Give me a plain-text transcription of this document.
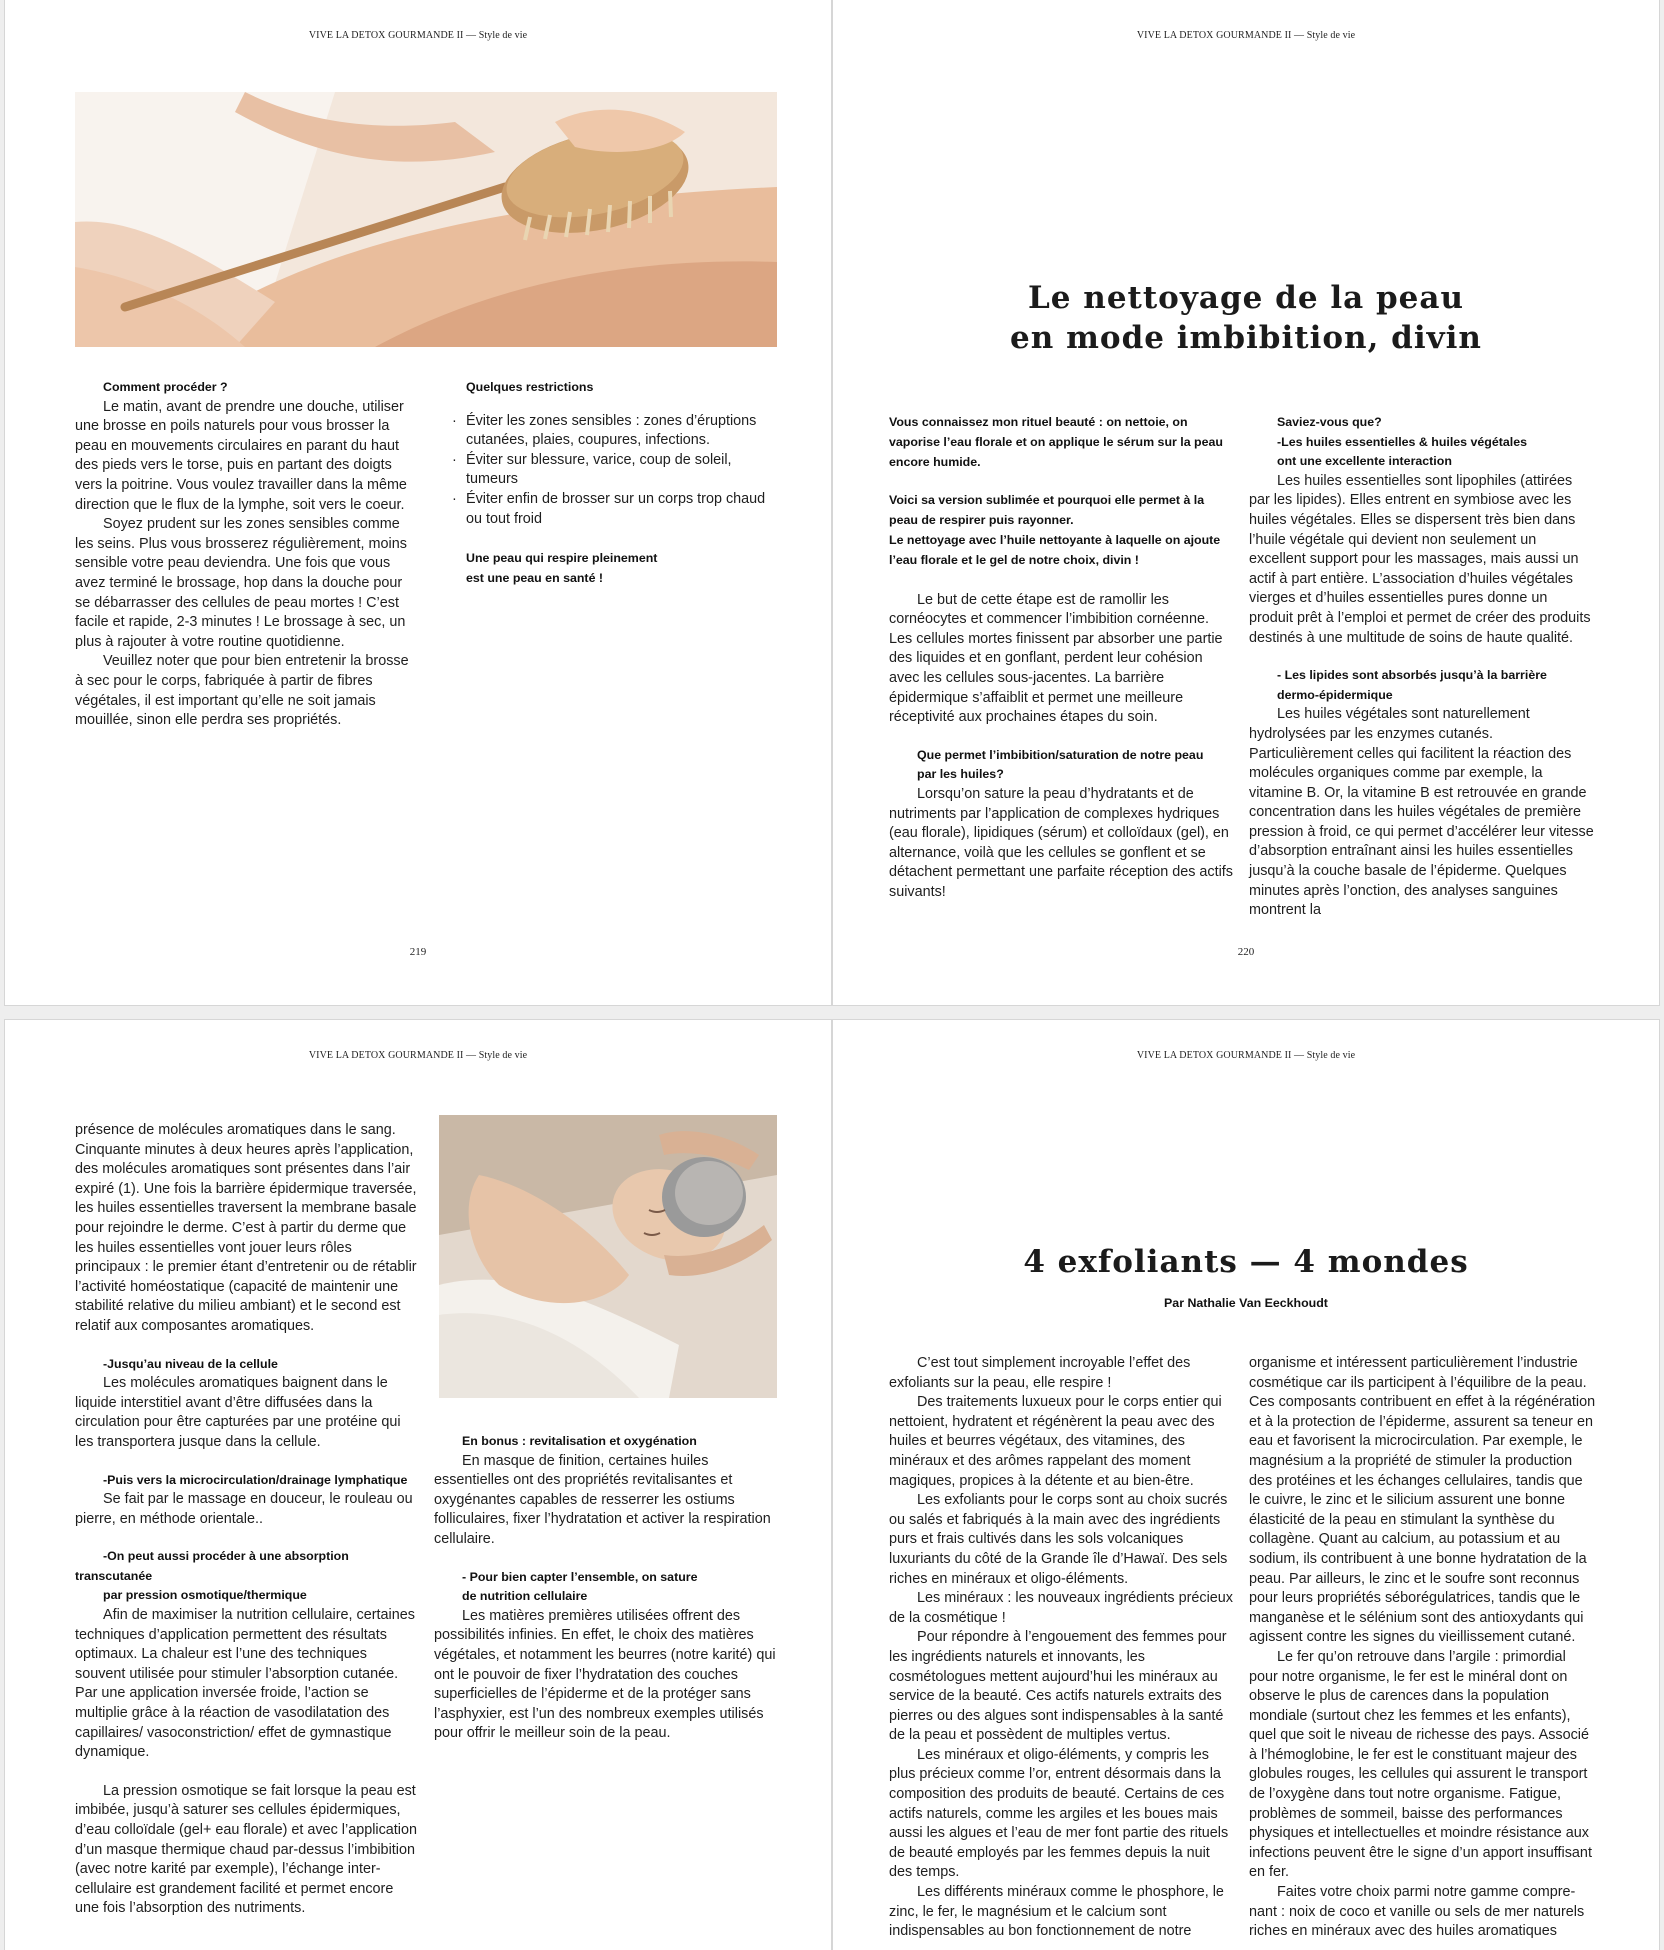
VIVE LA DETOX GOURMANDE II — Style de vie

Comment procéder ?

Le matin, avant de prendre une douche, utiliser une brosse en poils naturels pour vous brosser la peau en mouvements circulaires en parant du haut des pieds vers le torse, puis en partant des doigts vers la poitrine. Vous voulez travailler dans la même direction que le flux de la lymphe, soit vers le coeur.

Soyez prudent sur les zones sensibles comme les seins. Plus vous brosserez régulièrement, moins sensible votre peau deviendra. Une fois que vous avez terminé le brossage, hop dans la douche pour se débarrasser des cellules de peau mortes ! C’est facile et rapide, 2-3 minutes ! Le brossage à sec, un plus à rajouter à votre routine quotidienne.

Veuillez noter que pour bien entretenir la brosse à sec pour le corps, fabriquée à partir de fibres végétales, il est important qu’elle ne soit jamais mouillée, sinon elle perdra ses propriétés.

Quelques restrictions

· Éviter les zones sensibles : zones d’éruptions cutanées, plaies, coupures, infections.
· Éviter sur blessure, varice, coup de soleil, tumeurs
· Éviter enfin de brosser sur un corps trop chaud ou tout froid

Une peau qui respire pleinement

est une peau en santé !

219
VIVE LA DETOX GOURMANDE II — Style de vie
Le nettoyage de la peau
en mode imbibition, divin

Vous connaissez mon rituel beauté : on nettoie, on vaporise l’eau florale et on applique le sérum sur la peau encore humide.

Voici sa version sublimée et pourquoi elle permet à la peau de respirer puis rayonner.

Le nettoyage avec l’huile nettoyante à laquelle on ajoute l’eau florale et le gel de notre choix, divin !

Le but de cette étape est de ramollir les cornéocytes et commencer l’imbibition cornéenne. Les cellules mortes finissent par absorber une partie des liquides et en gonflant, perdent leur cohésion avec les cellules sous-jacentes. La barrière épidermique s’affaiblit et permet une meilleure réceptivité aux prochaines étapes du soin.

Que permet l’imbibition/saturation de notre peau

par les huiles?

Lorsqu’on sature la peau d’hydratants et de nutriments par l’application de complexes hydriques (eau florale), lipidiques (sérum) et colloïdaux (gel), en alternance, voilà que les cellules se gonflent et se détachent permettant une parfaite réception des actifs suivants!

Saviez-vous que?

-Les huiles essentielles & huiles végétales

ont une excellente interaction

Les huiles essentielles sont lipophiles (attirées par les lipides). Elles entrent en symbiose avec les huiles végétales. Elles se dispersent très bien dans l’huile végétale qui devient non seulement un excellent support pour les massages, mais aussi un actif à part entière. L’association d’huiles végétales vierges et d’huiles essentielles pures donne un produit prêt à l’emploi et permet de créer des produits destinés à une multitude de soins de haute qualité.

- Les lipides sont absorbés jusqu’à la barrière

dermo-épidermique

Les huiles végétales sont naturellement hydrolysées par les enzymes cutanés. Particulièrement celles qui facilitent la réaction des molécules organiques comme par exemple, la vitamine B. Or, la vitamine B est retrouvée en grande concentration dans les huiles végétales de première pression à froid, ce qui permet d’accélérer leur vitesse d’absorption entraînant ainsi les huiles essentielles jusqu’à la couche basale de l’épiderme. Quelques minutes après l’onction, des analyses sanguines montrent la

220
VIVE LA DETOX GOURMANDE II — Style de vie

présence de molécules aromatiques dans le sang. Cinquante minutes à deux heures après l’application, des molécules aromatiques sont présentes dans l’air expiré (1). Une fois la barrière épidermique traversée, les huiles essentielles traversent la membrane basale pour rejoindre le derme. C’est à partir du derme que les huiles essentielles vont jouer leurs rôles principaux : le premier étant d’entretenir ou de rétablir l’activité homéostatique (capacité de maintenir une stabilité relative du milieu ambiant) et le second est relatif aux composantes aromatiques.

-Jusqu’au niveau de la cellule

Les molécules aromatiques baignent dans le liquide interstitiel avant d’être diffusées dans la circulation pour être capturées par une protéine qui les transportera jusque dans la cellule.

-Puis vers la microcirculation/drainage lymphatique

Se fait par le massage en douceur, le rouleau ou pierre, en méthode orientale..

-On peut aussi procéder à une absorption transcutanée

par pression osmotique/thermique

Afin de maximiser la nutrition cellulaire, certaines techniques d’application permettent des résultats optimaux. La chaleur est l’une des techniques souvent utilisée pour stimuler l’absorption cutanée. Par une application inversée froide, l’action se multiplie grâce à la réaction de vasodilatation des capillaires/ vasoconstriction/ effet de gymnastique dynamique.

La pression osmotique se fait lorsque la peau est imbibée, jusqu’à saturer ses cellules épidermiques, d’eau colloïdale (gel+ eau florale) et avec l’application d’un masque thermique chaud par-dessus l’imbibition (avec notre karité par exemple), l’échange inter-cellulaire est grandement facilité et permet encore une fois l’absorption des nutriments.

En bonus : revitalisation et oxygénation

En masque de finition, certaines huiles essentielles ont des propriétés revitalisantes et oxygénantes capables de resserrer les ostiums folliculaires, fixer l’hydratation et activer la respiration cellulaire.

- Pour bien capter l’ensemble, on sature

de nutrition cellulaire

Les matières premières utilisées offrent des possibilités infinies. En effet, le choix des matières végétales, et notamment les beurres (notre karité) qui ont le pouvoir de fixer l’hydratation des couches superficielles de l’épiderme et de la protéger sans l’asphyxier, est l’un des nombreux exemples utilisés pour offrir le meilleur soin de la peau.

VIVE LA DETOX GOURMANDE II — Style de vie
4 exfoliants — 4 mondes
Par Nathalie Van Eeckhoudt

C’est tout simplement incroyable l’effet des exfoliants sur la peau, elle respire !

Des traitements luxueux pour le corps entier qui nettoient, hydratent et régénèrent la peau avec des huiles et beurres végétaux, des vitamines, des minéraux et des arômes rappelant des moment magiques, propices à la détente et au bien-être.

Les exfoliants pour le corps sont au choix sucrés ou salés et fabriqués à la main avec des ingrédients purs et frais cultivés dans les sols volcaniques luxuriants du côté de la Grande île d’Hawaï. Des sels riches en minéraux et oligo-éléments.

Les minéraux : les nouveaux ingrédients précieux de la cosmétique !

Pour répondre à l’engouement des femmes pour les ingrédients naturels et innovants, les cosmétologues mettent aujourd’hui les minéraux au service de la beauté. Ces actifs naturels extraits des pierres ou des algues sont indispensables à la santé de la peau et possèdent de multiples vertus.

Les minéraux et oligo-éléments, y compris les plus précieux comme l’or, entrent désormais dans la composition des produits de beauté. Certains de ces actifs naturels, comme les argiles et les boues mais aussi les algues et l’eau de mer font partie des rituels de beauté employés par les femmes depuis la nuit des temps.

Les différents minéraux comme le phosphore, le zinc, le fer, le magnésium et le calcium sont indispensables au bon fonctionnement de notre

organisme et intéressent particulièrement l’industrie cosmétique car ils participent à l’équilibre de la peau. Ces composants contribuent en effet à la régénération et à la protection de l’épiderme, assurent sa teneur en eau et favorisent la microcirculation. Par exemple, le magnésium a la propriété de stimuler la production des protéines et les échanges cellulaires, tandis que le cuivre, le zinc et le silicium assurent une bonne élasticité de la peau en stimulant la synthèse du collagène. Quant au calcium, au potassium et au sodium, ils contribuent à une bonne hydratation de la peau. Par ailleurs, le zinc et le soufre sont reconnus pour leurs propriétés séborégulatrices, tandis que le manganèse et le sélénium sont des antioxydants qui agissent contre les signes du vieillissement cutané.

Le fer qu’on retrouve dans l’argile : primordial pour notre organisme, le fer est le minéral dont on observe le plus de carences dans la population mondiale (surtout chez les femmes et les enfants), quel que soit le niveau de richesse des pays. Associé à l’hémoglobine, le fer est le constituant majeur des globules rouges, les cellules qui assurent le transport de l’oxygène dans tout notre organisme. Fatigue, problèmes de sommeil, baisse des performances physiques et intellectuelles et moindre résistance aux infections peuvent être le signe d’un apport insuffisant en fer.

Faites votre choix parmi notre gamme compre- nant : noix de coco et vanille ou sels de mer naturels riches en minéraux avec des huiles aromatiques
